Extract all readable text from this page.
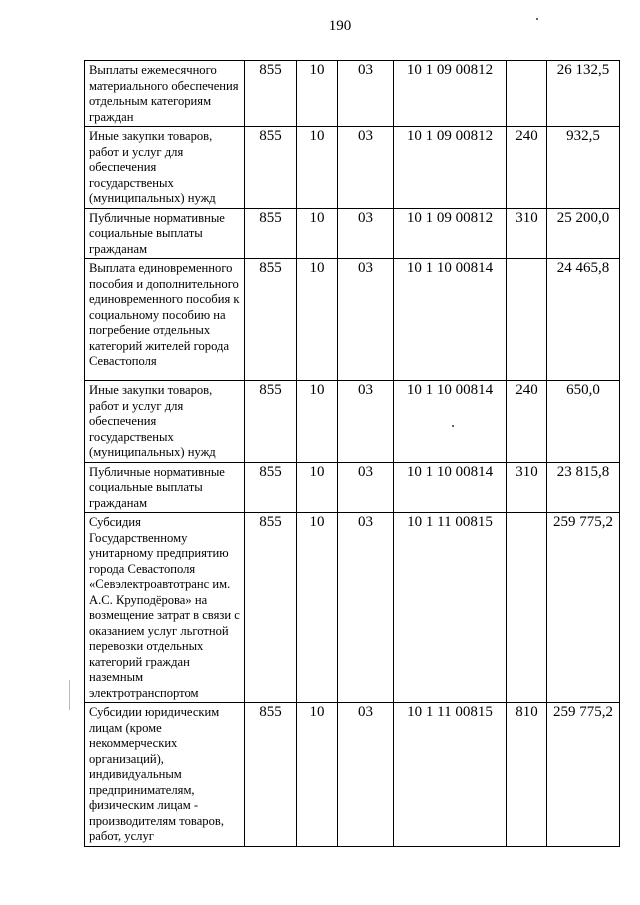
190
Выплаты ежемесячного материального обеспечения отдельным категориям граждан	855	10	03	10 1 09 00812		26 132,5
Иные закупки товаров, работ и услуг для обеспечения государственых (муниципальных) нужд	855	10	03	10 1 09 00812	240	932,5
Публичные нормативные социальные выплаты гражданам	855	10	03	10 1 09 00812	310	25 200,0
Выплата единовременного пособия и дополнительного единовременного пособия к социальному пособию на погребение отдельных категорий жителей города Севастополя	855	10	03	10 1 10 00814		24 465,8
Иные закупки товаров, работ и услуг для обеспечения государственых (муниципальных) нужд	855	10	03	10 1 10 00814	240	650,0
Публичные нормативные социальные выплаты гражданам	855	10	03	10 1 10 00814	310	23 815,8
Субсидия Государственному унитарному предприятию города Севастополя «Севэлектроавтотранс им. А.С. Круподёрова» на возмещение затрат в связи с оказанием услуг льготной перевозки отдельных категорий граждан наземным электротранспортом	855	10	03	10 1 11 00815		259 775,2
Субсидии юридическим лицам (кроме некоммерческих организаций), индивидуальным предпринимателям, физическим лицам - производителям товаров, работ, услуг	855	10	03	10 1 11 00815	810	259 775,2
